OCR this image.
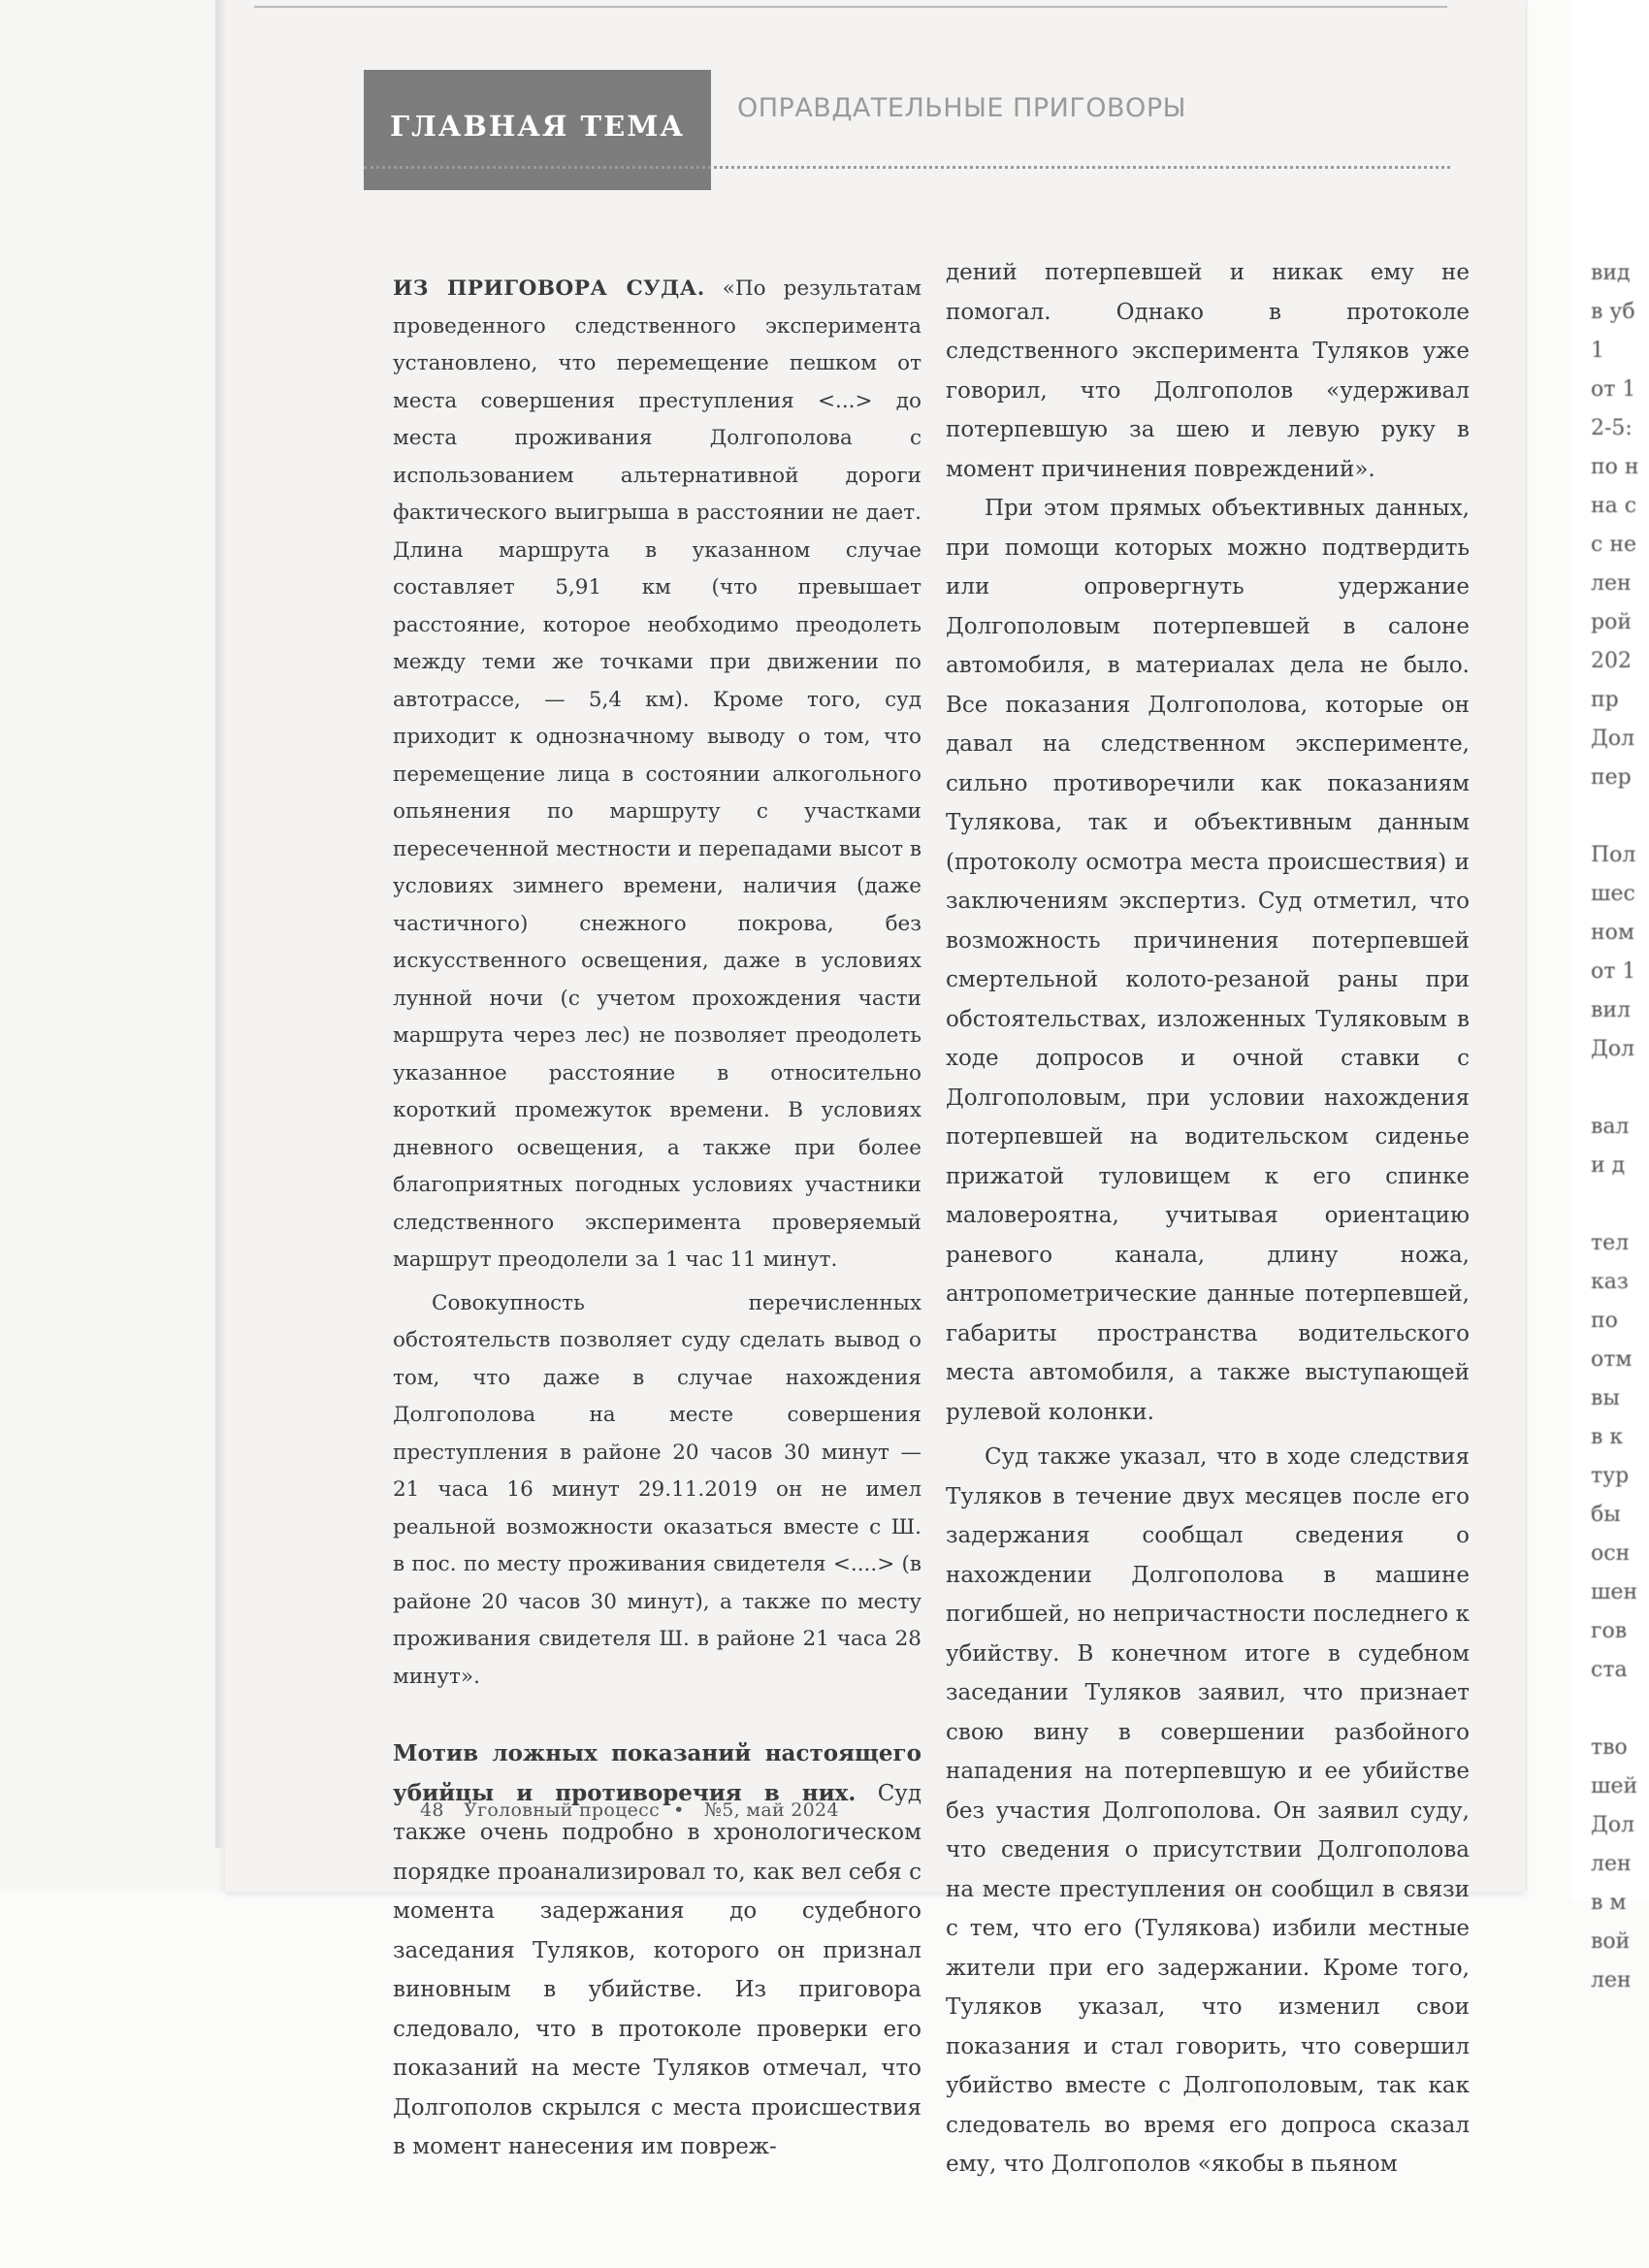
вид
в уб
1
от 1
2-5:
по н
на с
с не
лен
рой
202
пр
Дол
пер
Пол
шес
ном
от 1
вил
Дол
вал
и д
тел
каз
по
отм
вы
в к
тур
бы
осн
шен
гов
ста
тво
шей
Дол
лен
в м
вой
лен
ГЛАВНАЯ ТЕМА
ОПРАВДАТЕЛЬНЫЕ ПРИГОВОРЫ

ИЗ ПРИГОВОРА СУДА. «По результатам проведенного следственного эксперимента установлено, что перемещение пешком от места совершения преступления <...> до места проживания Долгополова с использованием альтернативной дороги фактического выигрыша в расстоянии не дает. Длина маршрута в указанном случае составляет 5,91 км (что превышает расстояние, которое необходимо преодолеть между теми же точками при движении по автотрассе, — 5,4 км). Кроме того, суд приходит к однозначному выводу о том, что перемещение лица в состоянии алкогольного опьянения по маршруту с участками пересеченной местности и перепадами высот в условиях зимнего времени, наличия (даже частичного) снежного покрова, без искусственного освещения, даже в условиях лунной ночи (с учетом прохождения части маршрута через лес) не позволяет преодолеть указанное расстояние в относительно короткий промежуток времени. В условиях дневного освещения, а также при более благоприятных погодных условиях участники следственного эксперимента проверяемый маршрут преодолели за 1 час 11 минут.

Совокупность перечисленных обстоятельств позволяет суду сделать вывод о том, что даже в случае нахождения Долгополова на месте совершения преступления в районе 20 часов 30 минут — 21 часа 16 минут 29.11.2019 он не имел реальной возможности оказаться вместе с Ш. в пос. по месту проживания свидетеля <....> (в районе 20 часов 30 минут), а также по месту проживания свидетеля Ш. в районе 21 часа 28 минут».

Мотив ложных показаний настоящего убийцы и противоречия в них. Суд также очень подробно в хронологическом порядке проанализировал то, как вел себя с момента задержания до судебного заседания Туляков, которого он признал виновным в убийстве. Из приговора следовало, что в протоколе проверки его показаний на месте Туляков отмечал, что Долгополов скрылся с места происшествия в момент нанесения им повреж-

дений потерпевшей и никак ему не помогал. Однако в протоколе следственного эксперимента Туляков уже говорил, что Долгополов «удерживал потерпевшую за шею и левую руку в момент причинения повреждений».

При этом прямых объективных данных, при помощи которых можно подтвердить или опровергнуть удержание Долгополовым потерпевшей в салоне автомобиля, в материалах дела не было. Все показания Долгополова, которые он давал на следственном эксперименте, сильно противоречили как показаниям Тулякова, так и объективным данным (протоколу осмотра места происшествия) и заключениям экспертиз. Суд отметил, что возможность причинения потерпевшей смертельной колото-резаной раны при обстоятельствах, изложенных Туляковым в ходе допросов и очной ставки с Долгополовым, при условии нахождения потерпевшей на водительском сиденье прижатой туловищем к его спинке маловероятна, учитывая ориентацию раневого канала, длину ножа, антропометрические данные потерпевшей, габариты пространства водительского места автомобиля, а также выступающей рулевой колонки.

Суд также указал, что в ходе следствия Туляков в течение двух месяцев после его задержания сообщал сведения о нахождении Долгополова в машине погибшей, но непричастности последнего к убийству. В конечном итоге в судебном заседании Туляков заявил, что признает свою вину в совершении разбойного нападения на потерпевшую и ее убийстве без участия Долгополова. Он заявил суду, что сведения о присутствии Долгополова на месте преступления он сообщил в связи с тем, что его (Тулякова) избили местные жители при его задержании. Кроме того, Туляков указал, что изменил свои показания и стал говорить, что совершил убийство вместе с Долгополовым, так как следователь во время его допроса сказал ему, что Долгополов «якобы в пьяном

48 Уголовный процесс • №5, май 2024
